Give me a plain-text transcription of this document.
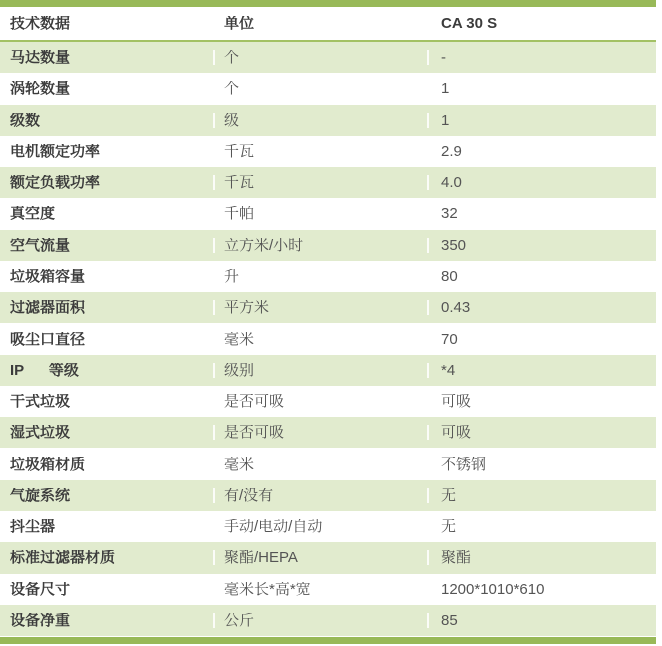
技术数据	单位	CA 30 S
马达数量	个	-
涡轮数量	个	1
级数	级	1
电机额定功率	千瓦	2.9
额定负载功率	千瓦	4.0
真空度	千帕	32
空气流量	立方米/小时	350
垃圾箱容量	升	80
过滤器面积	平方米	0.43
吸尘口直径	毫米	70
IP      等级	级别	*4
干式垃圾	是否可吸	可吸
湿式垃圾	是否可吸	可吸
垃圾箱材质	毫米	不锈钢
气旋系统	有/没有	无
抖尘器	手动/电动/自动	无
标准过滤器材质	聚酯/HEPA	聚酯
设备尺寸	毫米长*高*宽	1200*1010*610
设备净重	公斤	85
